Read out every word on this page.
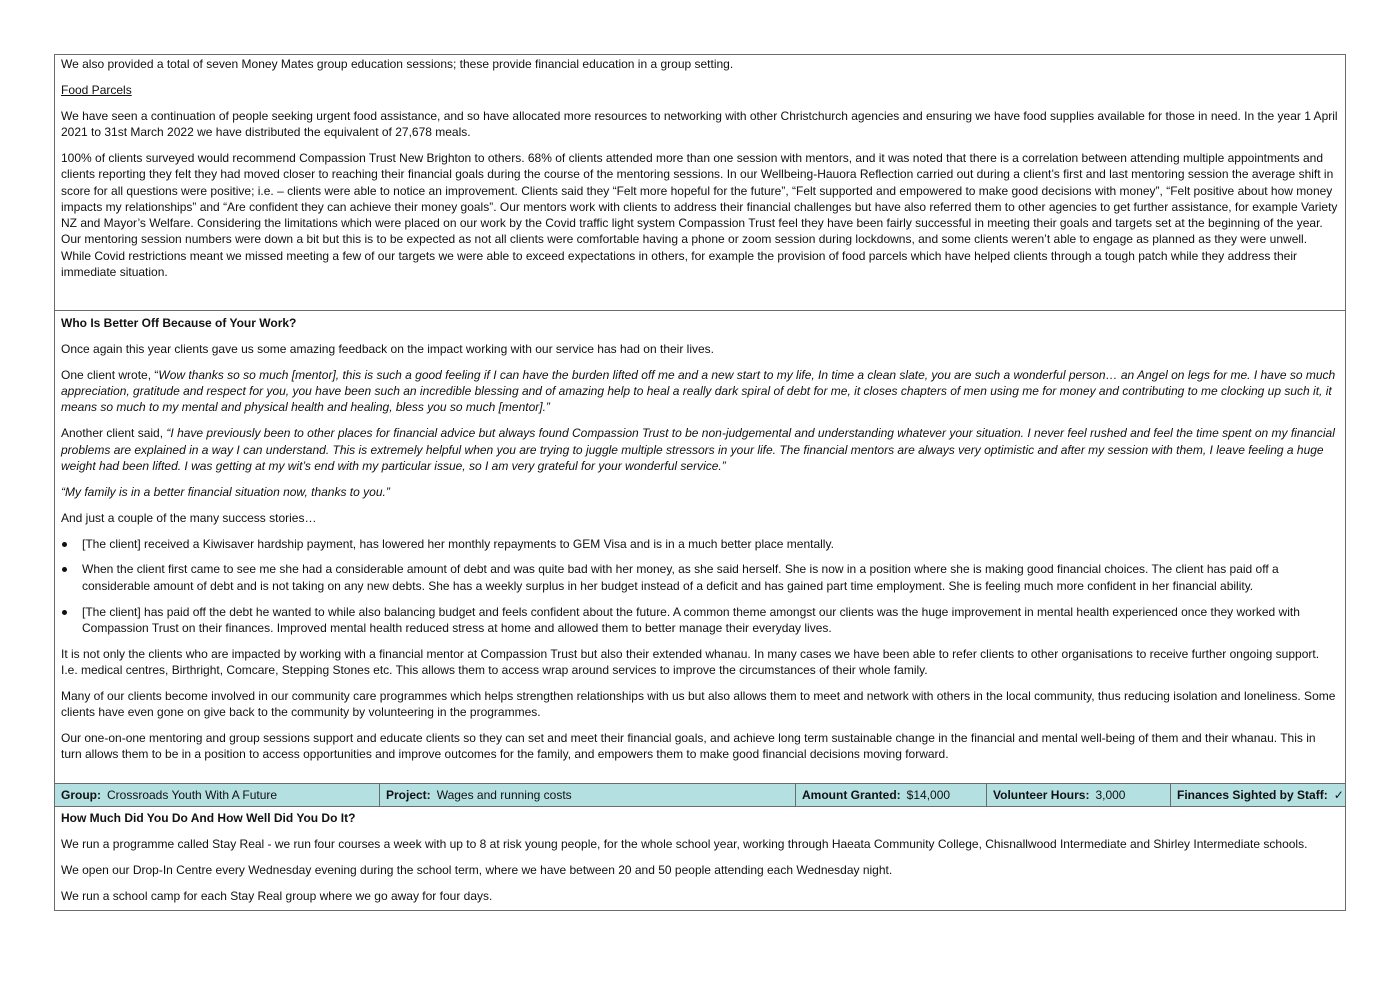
We also provided a total of seven Money Mates group education sessions; these provide financial education in a group setting.

Food Parcels

We have seen a continuation of people seeking urgent food assistance, and so have allocated more resources to networking with other Christchurch agencies and ensuring we have food supplies available for those in need. In the year 1 April 2021 to 31st March 2022 we have distributed the equivalent of 27,678 meals.

100% of clients surveyed would recommend Compassion Trust New Brighton to others. 68% of clients attended more than one session with mentors, and it was noted that there is a correlation between attending multiple appointments and clients reporting they felt they had moved closer to reaching their financial goals during the course of the mentoring sessions. In our Wellbeing-Hauora Reflection carried out during a client’s first and last mentoring session the average shift in score for all questions were positive; i.e. – clients were able to notice an improvement. Clients said they “Felt more hopeful for the future”, “Felt supported and empowered to make good decisions with money”, “Felt positive about how money impacts my relationships” and “Are confident they can achieve their money goals”. Our mentors work with clients to address their financial challenges but have also referred them to other agencies to get further assistance, for example Variety NZ and Mayor’s Welfare. Considering the limitations which were placed on our work by the Covid traffic light system Compassion Trust feel they have been fairly successful in meeting their goals and targets set at the beginning of the year. Our mentoring session numbers were down a bit but this is to be expected as not all clients were comfortable having a phone or zoom session during lockdowns, and some clients weren’t able to engage as planned as they were unwell. While Covid restrictions meant we missed meeting a few of our targets we were able to exceed expectations in others, for example the provision of food parcels which have helped clients through a tough patch while they address their immediate situation.

Who Is Better Off Because of Your Work?

Once again this year clients gave us some amazing feedback on the impact working with our service has had on their lives.

One client wrote, “Wow thanks so so much [mentor], this is such a good feeling if I can have the burden lifted off me and a new start to my life, In time a clean slate, you are such a wonderful person… an Angel on legs for me. I have so much appreciation, gratitude and respect for you, you have been such an incredible blessing and of amazing help to heal a really dark spiral of debt for me, it closes chapters of men using me for money and contributing to me clocking up such it, it means so much to my mental and physical health and healing, bless you so much [mentor].”

Another client said, “I have previously been to other places for financial advice but always found Compassion Trust to be non-judgemental and understanding whatever your situation. I never feel rushed and feel the time spent on my financial problems are explained in a way I can understand. This is extremely helpful when you are trying to juggle multiple stressors in your life. The financial mentors are always very optimistic and after my session with them, I leave feeling a huge weight had been lifted. I was getting at my wit’s end with my particular issue, so I am very grateful for your wonderful service.”

“My family is in a better financial situation now, thanks to you.”

And just a couple of the many success stories…

[The client] received a Kiwisaver hardship payment, has lowered her monthly repayments to GEM Visa and is in a much better place mentally.
When the client first came to see me she had a considerable amount of debt and was quite bad with her money, as she said herself. She is now in a position where she is making good financial choices. The client has paid off a considerable amount of debt and is not taking on any new debts. She has a weekly surplus in her budget instead of a deficit and has gained part time employment. She is feeling much more confident in her financial ability.
[The client] has paid off the debt he wanted to while also balancing budget and feels confident about the future. A common theme amongst our clients was the huge improvement in mental health experienced once they worked with Compassion Trust on their finances. Improved mental health reduced stress at home and allowed them to better manage their everyday lives.

It is not only the clients who are impacted by working with a financial mentor at Compassion Trust but also their extended whanau. In many cases we have been able to refer clients to other organisations to receive further ongoing support. I.e. medical centres, Birthright, Comcare, Stepping Stones etc. This allows them to access wrap around services to improve the circumstances of their whole family.

Many of our clients become involved in our community care programmes which helps strengthen relationships with us but also allows them to meet and network with others in the local community, thus reducing isolation and loneliness. Some clients have even gone on give back to the community by volunteering in the programmes.

Our one-on-one mentoring and group sessions support and educate clients so they can set and meet their financial goals, and achieve long term sustainable change in the financial and mental well-being of them and their whanau. This in turn allows them to be in a position to access opportunities and improve outcomes for the family, and empowers them to make good financial decisions moving forward.

Group: Crossroads Youth With A Future	Project: Wages and running costs	Amount Granted: $14,000	Volunteer Hours: 3,000	Finances Sighted by Staff: ✓

How Much Did You Do And How Well Did You Do It?

We run a programme called Stay Real - we run four courses a week with up to 8 at risk young people, for the whole school year, working through Haeata Community College, Chisnallwood Intermediate and Shirley Intermediate schools.

We open our Drop-In Centre every Wednesday evening during the school term, where we have between 20 and 50 people attending each Wednesday night.

We run a school camp for each Stay Real group where we go away for four days.
